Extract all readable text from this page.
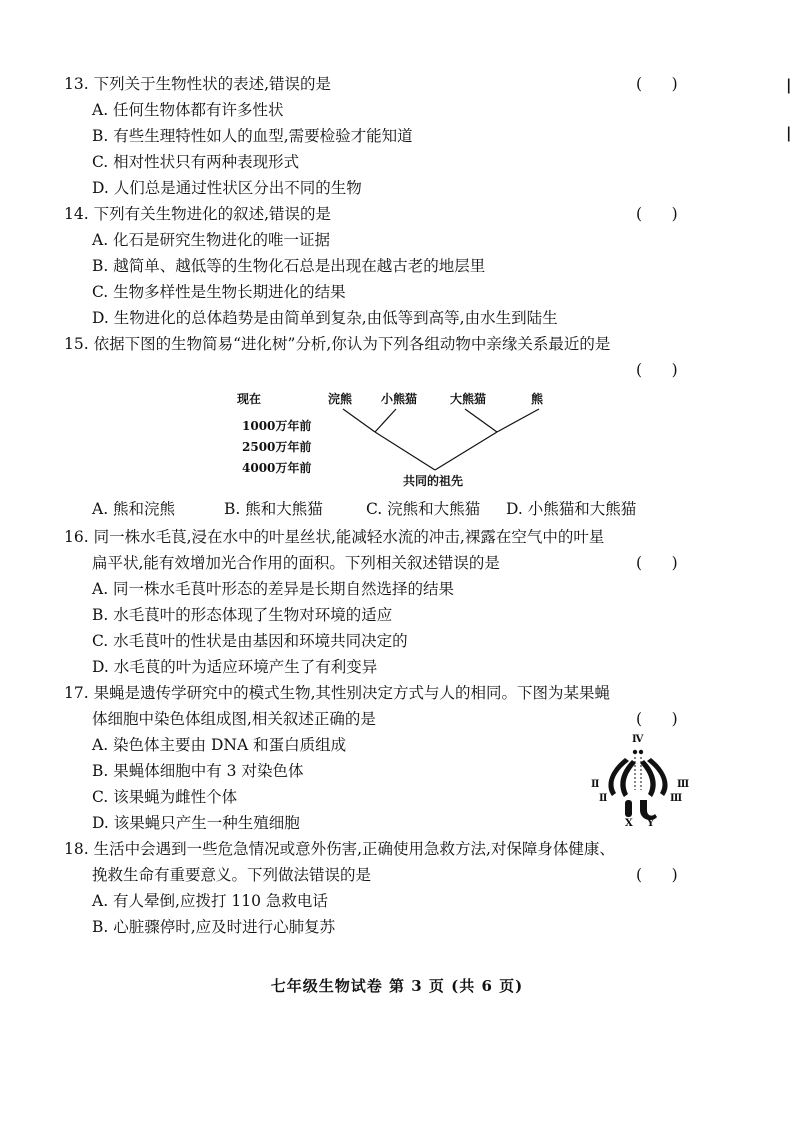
13. 下列关于生物性状的表述,错误的是	(      )
A. 任何生物体都有许多性状
B. 有些生理特性如人的血型,需要检验才能知道
C. 相对性状只有两种表现形式
D. 人们总是通过性状区分出不同的生物
14. 下列有关生物进化的叙述,错误的是	(      )
A. 化石是研究生物进化的唯一证据
B. 越简单、越低等的生物化石总是出现在越古老的地层里
C. 生物多样性是生物长期进化的结果
D. 生物进化的总体趋势是由简单到复杂,由低等到高等,由水生到陆生
15. 依据下图的生物简易“进化树”分析,你认为下列各组动物中亲缘关系最近的是
(      )
现在
1000万年前
2500万年前
4000万年前
浣熊 小熊猫	大熊猫	熊
共同的祖先
A. 熊和浣熊	B. 熊和大熊猫	C. 浣熊和大熊猫 D. 小熊猫和大熊猫
16. 同一株水毛茛,浸在水中的叶星丝状,能减轻水流的冲击,裸露在空气中的叶星
扁平状,能有效增加光合作用的面积。下列相关叙述错误的是	(      )
A. 同一株水毛茛叶形态的差异是长期自然选择的结果
B. 水毛茛叶的形态体现了生物对环境的适应
C. 水毛茛叶的性状是由基因和环境共同决定的
D. 水毛茛的叶为适应环境产生了有利变异
17. 果蝇是遗传学研究中的模式生物,其性别决定方式与人的相同。下图为某果蝇
体细胞中染色体组成图,相关叙述正确的是	(      )
A. 染色体主要由 DNA 和蛋白质组成
B. 果蝇体细胞中有 3 对染色体
C. 该果蝇为雌性个体
D. 该果蝇只产生一种生殖细胞
Ⅳ
Ⅱ
Ⅱ
Ⅲ
Ⅲ
X Y
18. 生活中会遇到一些危急情况或意外伤害,正确使用急救方法,对保障身体健康、
挽救生命有重要意义。下列做法错误的是	(      )
A. 有人晕倒,应拨打 110 急救电话
B. 心脏骤停时,应及时进行心肺复苏
七年级生物试卷 第 3 页 (共 6 页)
|
|
